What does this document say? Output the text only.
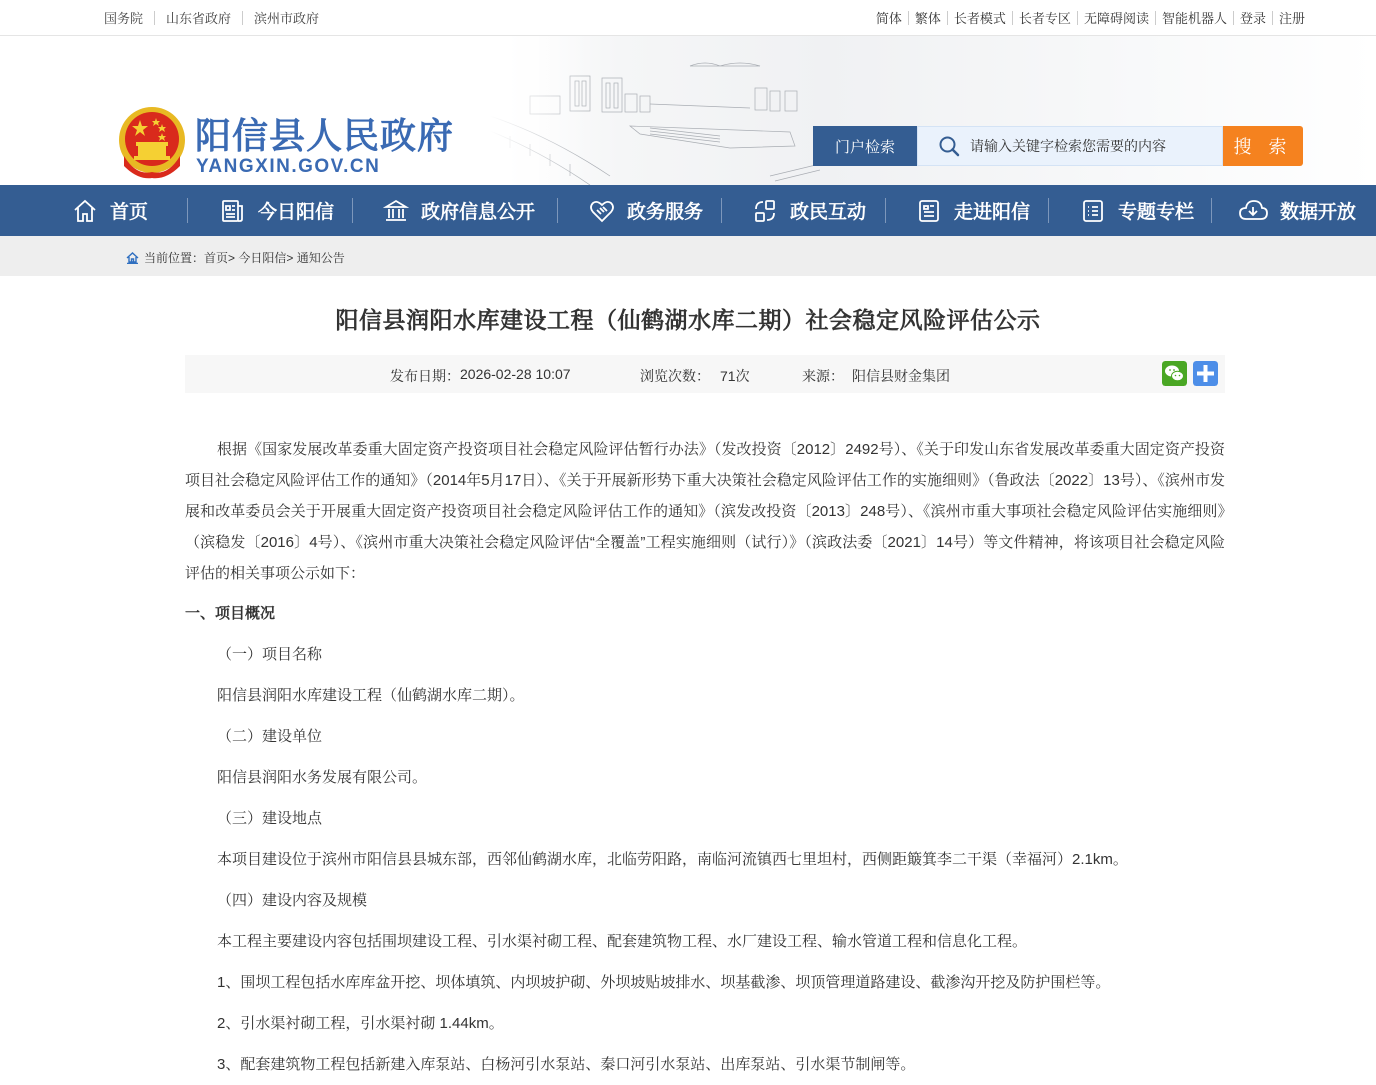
国务院 山东省政府 滨州市政府	简体 繁体 长者模式 长者专区 无障碍阅读 智能机器人 登录 注册
阳信县人民政府
YANGXIN.GOV.CN
门户检索
请输入关键字检索您需要的内容	搜 索
首页	今日阳信	政府信息公开	政务服务	政民互动	走进阳信	专题专栏	数据开放
当前位置： 首页 >
今日阳信 >
通知公告
阳信县润阳水库建设工程（仙鹤湖水库二期）社会稳定风险评估公示
发布日期： 2026-02-28 10:07	浏览次数： 71次	来源： 阳信县财金集团

根据《国家发展改革委重大固定资产投资项目社会稳定风险评估暂行办法》（发改投资〔2012〕2492号）、《关于印发山东省发展改革委重大固定资产投资项目社会稳定风险评估工作的通知》（2014年5月17日）、《关于开展新形势下重大决策社会稳定风险评估工作的实施细则》（鲁政法〔2022〕13号）、《滨州市发展和改革委员会关于开展重大固定资产投资项目社会稳定风险评估工作的通知》（滨发改投资〔2013〕248号）、《滨州市重大事项社会稳定风险评估实施细则》（滨稳发〔2016〕4号）、《滨州市重大决策社会稳定风险评估“全覆盖”工程实施细则（试行）》（滨政法委〔2021〕14号）等文件精神，将该项目社会稳定风险评估的相关事项公示如下：

一、项目概况

（一）项目名称

阳信县润阳水库建设工程（仙鹤湖水库二期）。

（二）建设单位

阳信县润阳水务发展有限公司。

（三）建设地点

本项目建设位于滨州市阳信县县城东部，西邻仙鹤湖水库，北临劳阳路，南临河流镇西七里坦村，西侧距簸箕李二干渠（幸福河）2.1km。

（四）建设内容及规模

本工程主要建设内容包括围坝建设工程、引水渠衬砌工程、配套建筑物工程、水厂建设工程、输水管道工程和信息化工程。

1、围坝工程包括水库库盆开挖、坝体填筑、内坝坡护砌、外坝坡贴坡排水、坝基截渗、坝顶管理道路建设、截渗沟开挖及防护围栏等。

2、引水渠衬砌工程，引水渠衬砌 1.44km。

3、配套建筑物工程包括新建入库泵站、白杨河引水泵站、秦口河引水泵站、出库泵站、引水渠节制闸等。
